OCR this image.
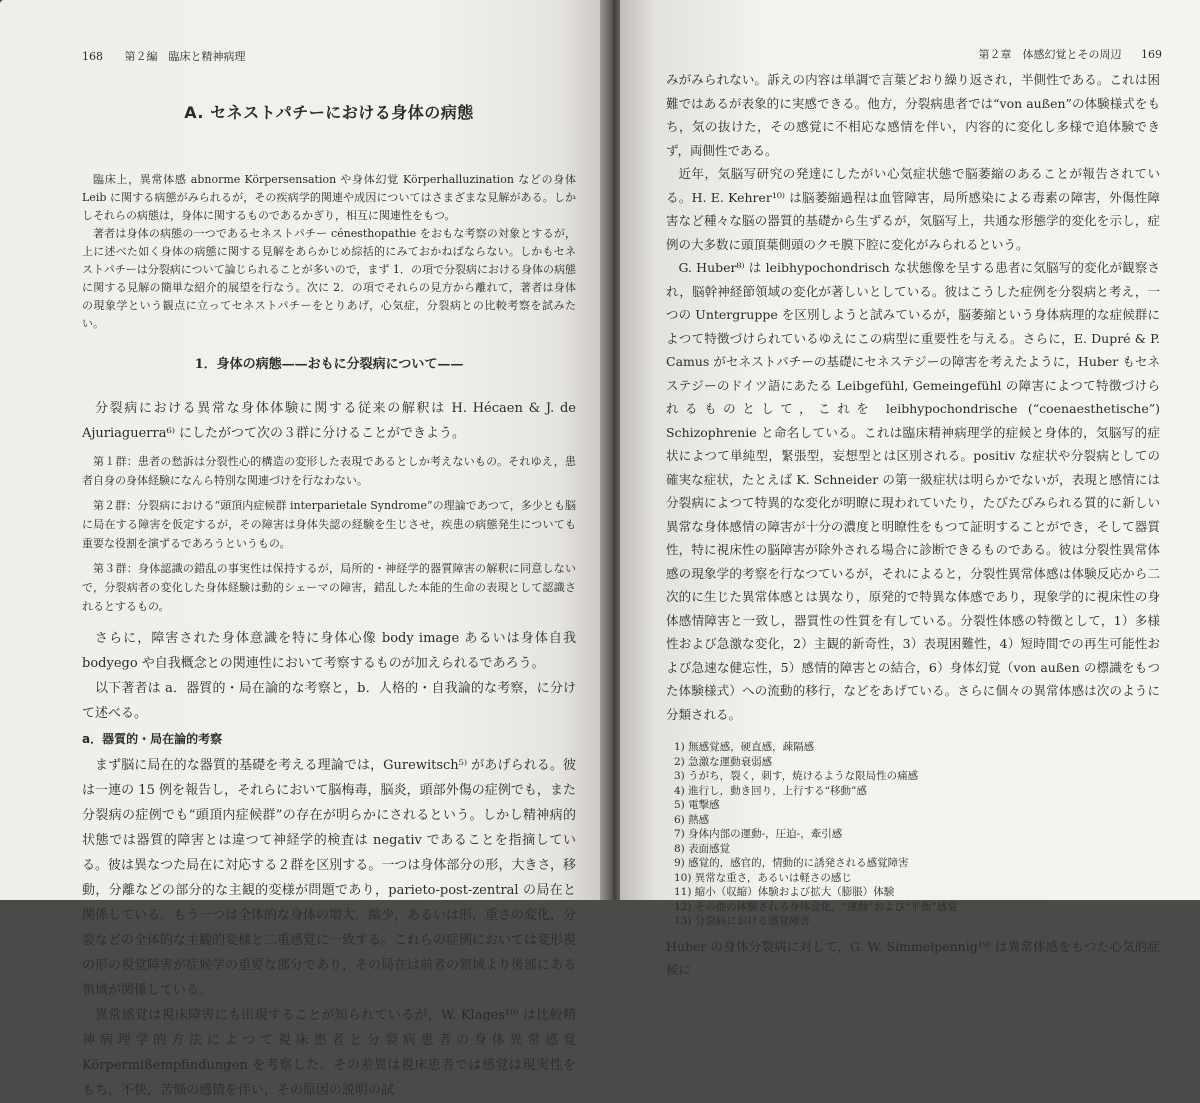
168 第２編　臨床と精神病理
A. セネストパチーにおける身体の病態

臨床上，異常体感 abnorme Körpersensation や身体幻覚 Körperhalluzination などの身体 Leib に関する病態がみられるが，その疾病学的関連や成因についてはさまざまな見解がある。しかしそれらの病態は，身体に関するものであるかぎり，相互に関連性をもつ。

著者は身体の病態の一つであるセネストパチー cénesthopathie をおもな考察の対象とするが，上に述べた如く身体の病態に関する見解をあらかじめ綜括的にみておかねばならない。しかもセネストパチーは分裂病について論じられることが多いので，まず 1．の項で分裂病における身体の病態に関する見解の簡単な紹介的展望を行なう。次に 2．の項でそれらの見方から離れて，著者は身体の現象学という観点に立ってセネストパチーをとりあげ，心気症，分裂病との比較考察を試みたい。

1．身体の病態——おもに分裂病について——

分裂病における異常な身体体験に関する従来の解釈は H. Hécaen & J. de Ajuriaguerra⁶⁾ にしたがつて次の３群に分けることができよう。

第１群：患者の愁訴は分裂性心的構造の変形した表現であるとしか考えないもの。それゆえ，患者自身の身体経験になんら特別な関連づけを行なわない。

第２群：分裂病における“頭頂内症候群 interparietale Syndrome”の理論であつて，多少とも脳に局在する障害を仮定するが，その障害は身体失認の経験を生じさせ，疾患の病態発生についても重要な役割を演ずるであろうというもの。

第３群：身体認識の錯乱の事実性は保持するが，局所的・神経学的器質障害の解釈に同意しないで，分裂病者の変化した身体経験は動的シェーマの障害，錯乱した本能的生命の表現として認識されるとするもの。

さらに，障害された身体意識を特に身体心像 body image あるいは身体自我 bodyego や自我概念との関連性において考察するものが加えられるであろう。

以下著者は a．器質的・局在論的な考察と，b．人格的・自我論的な考察，に分けて述べる。

a．器質的・局在論的考察

まず脳に局在的な器質的基礎を考える理論では，Gurewitsch⁵⁾ があげられる。彼は一連の 15 例を報告し，それらにおいて脳梅毒，脳炎，頭部外傷の症例でも，また分裂病の症例でも“頭頂内症候群”の存在が明らかにされるという。しかし精神病的状態では器質的障害とは違つて神経学的検査は negativ であることを指摘している。彼は異なつた局在に対応する２群を区別する。一つは身体部分の形，大きさ，移動，分離などの部分的な主観的変様が問題であり，parieto-post-zentral の局在と関係している。もう一つは全体的な身体の増大，縮少，あるいは形，重さの変化，分裂などの全体的な主観的変様と二重感覚に一致する。これらの症例においては変形視の形の視覚障害が症候学の重要な部分であり，その局在は前者の領域より後部にある領域が関係している。

異常感覚は視床障害にも出現することが知られているが，W. Klages¹⁰⁾ は比較精神病理学的方法によつて視床患者と分裂病患者の身体異常感覚 Körpermißempfindungen を考察した。その差異は視床患者では感覚は現実性をもち，不快，苦悩の感情を伴い，その原因の説明の試

第２章　体感幻覚とその周辺 169

みがみられない。訴えの内容は単調で言葉どおり繰り返され，半側性である。これは困難ではあるが表象的に実感できる。他方，分裂病患者では“von außen”の体験様式をもち，気の抜けた，その感覚に不相応な感情を伴い，内容的に変化し多様で追体験できず，両側性である。

近年，気脳写研究の発達にしたがい心気症状態で脳萎縮のあることが報告されている。H. E. Kehrer¹⁰⁾ は脳萎縮過程は血管障害，局所感染による毒素の障害，外傷性障害など種々な脳の器質的基礎から生ずるが，気脳写上，共通な形態学的変化を示し，症例の大多数に頭頂葉側頭のクモ膜下腔に変化がみられるという。

G. Huber⁸⁾ は leibhypochondrisch な状態像を呈する患者に気脳写的変化が観察され，脳幹神経節領域の変化が著しいとしている。彼はこうした症例を分裂病と考え，一つの Untergruppe を区別しようと試みているが，脳萎縮という身体病理的な症候群によつて特徴づけられているゆえにこの病型に重要性を与える。さらに，E. Dupré & P. Camus がセネストパチーの基礎にセネステジーの障害を考えたように，Huber もセネステジーのドイツ語にあたる Leibgefühl, Gemeingefühl の障害によつて特徴づけられるものとして，これを leibhypochondrische (“coenaesthetische”) Schizophrenie と命名している。これは臨床精神病理学的症候と身体的，気脳写的症状によつて単純型，緊張型，妄想型とは区別される。positiv な症状や分裂病としての確実な症状，たとえば K. Schneider の第一級症状は明らかでないが，表現と感情には分裂病によつて特異的な変化が明瞭に現われていたり，たびたびみられる質的に新しい異常な身体感情の障害が十分の濃度と明瞭性をもつて証明することができ，そして器質性，特に視床性の脳障害が除外される場合に診断できるものである。彼は分裂性異常体感の現象学的考察を行なつているが，それによると，分裂性異常体感は体験反応から二次的に生じた異常体感とは異なり，原発的で特異な体感であり，現象学的に視床性の身体感情障害と一致し，器質性の性質を有している。分裂性体感の特徴として，1）多様性および急激な変化，2）主観的新奇性，3）表現困難性，4）短時間での再生可能性および急速な健忘性，5）感情的障害との結合，6）身体幻覚（von außen の標識をもつた体験様式）への流動的移行，などをあげている。さらに個々の異常体感は次のように分類される。

1) 無感覚感，硬直感，疎隔感
2) 急激な運動衰弱感
3) うがち，裂く，刺す，焼けるような限局性の痛感
4) 進行し，動き回り，上行する“移動”感
5) 電撃感
6) 熱感
7) 身体内部の運動-，圧迫-，牽引感
8) 表面感覚
9) 感覚的，感官的，情動的に誘発される感覚障害
10) 異常な重さ，あるいは軽さの感じ
11) 縮小（収縮）体験および拡大（膨脹）体験
12) その他の体験される身体変化，“運動”および“平衡”感覚
13) 分裂病における感覚障害

Huber の身体分裂病に対して，G. W. Simmelpennig¹⁹⁾ は異常体感をもつた心気的症候に
